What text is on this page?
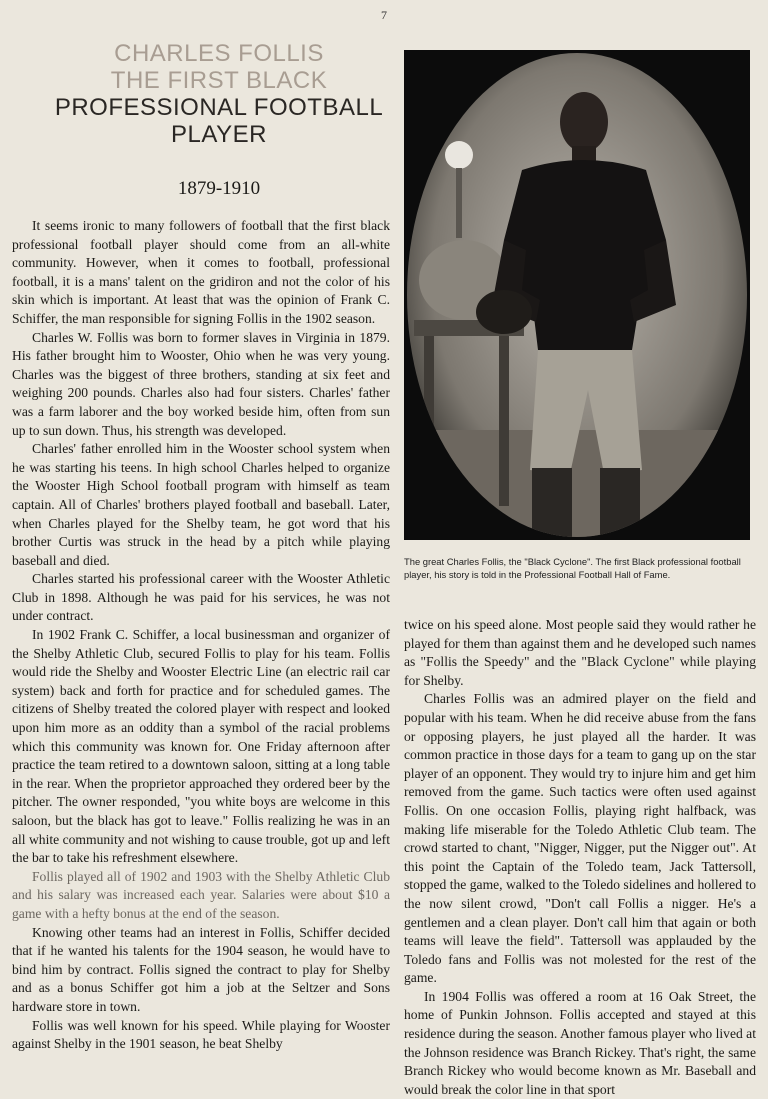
7
CHARLES FOLLIS
THE FIRST BLACK
PROFESSIONAL FOOTBALL
PLAYER
1879-1910

It seems ironic to many followers of football that the first black professional football player should come from an all-white community. However, when it comes to football, professional football, it is a mans' talent on the gridiron and not the color of his skin which is important. At least that was the opinion of Frank C. Schiffer, the man responsible for signing Follis in the 1902 season.

Charles W. Follis was born to former slaves in Virginia in 1879. His father brought him to Wooster, Ohio when he was very young. Charles was the biggest of three brothers, standing at six feet and weighing 200 pounds. Charles also had four sisters. Charles' father was a farm laborer and the boy worked beside him, often from sun up to sun down. Thus, his strength was developed.

Charles' father enrolled him in the Wooster school system when he was starting his teens. In high school Charles helped to organize the Wooster High School football program with himself as team captain. All of Charles' brothers played football and baseball. Later, when Charles played for the Shelby team, he got word that his brother Curtis was struck in the head by a pitch while playing baseball and died.

Charles started his professional career with the Wooster Athletic Club in 1898. Although he was paid for his services, he was not under contract.

In 1902 Frank C. Schiffer, a local businessman and organizer of the Shelby Athletic Club, secured Follis to play for his team. Follis would ride the Shelby and Wooster Electric Line (an electric rail car system) back and forth for practice and for scheduled games. The citizens of Shelby treated the colored player with respect and looked upon him more as an oddity than a symbol of the racial problems which this community was known for. One Friday afternoon after practice the team retired to a downtown saloon, sitting at a long table in the rear. When the proprietor approached they ordered beer by the pitcher. The owner responded, "you white boys are welcome in this saloon, but the black has got to leave." Follis realizing he was in an all white community and not wishing to cause trouble, got up and left the bar to take his refreshment elsewhere.

Follis played all of 1902 and 1903 with the Shelby Athletic Club and his salary was increased each year. Salaries were about $10 a game with a hefty bonus at the end of the season.

Knowing other teams had an interest in Follis, Schiffer decided that if he wanted his talents for the 1904 season, he would have to bind him by contract. Follis signed the contract to play for Shelby and as a bonus Schiffer got him a job at the Seltzer and Sons hardware store in town.

Follis was well known for his speed. While playing for Wooster against Shelby in the 1901 season, he beat Shelby

The great Charles Follis, the "Black Cyclone". The first Black professional football player, his story is told in the Professional Football Hall of Fame.

twice on his speed alone. Most people said they would rather he played for them than against them and he developed such names as "Follis the Speedy" and the "Black Cyclone" while playing for Shelby.

Charles Follis was an admired player on the field and popular with his team. When he did receive abuse from the fans or opposing players, he just played all the harder. It was common practice in those days for a team to gang up on the star player of an opponent. They would try to injure him and get him removed from the game. Such tactics were often used against Follis. On one occasion Follis, playing right halfback, was making life miserable for the Toledo Athletic Club team. The crowd started to chant, "Nigger, Nigger, put the Nigger out". At this point the Captain of the Toledo team, Jack Tattersoll, stopped the game, walked to the Toledo sidelines and hollered to the now silent crowd, "Don't call Follis a nigger. He's a gentlemen and a clean player. Don't call him that again or both teams will leave the field". Tattersoll was applauded by the Toledo fans and Follis was not molested for the rest of the game.

In 1904 Follis was offered a room at 16 Oak Street, the home of Punkin Johnson. Follis accepted and stayed at this residence during the season. Another famous player who lived at the Johnson residence was Branch Rickey. That's right, the same Branch Rickey who would become known as Mr. Baseball and would break the color line in that sport
